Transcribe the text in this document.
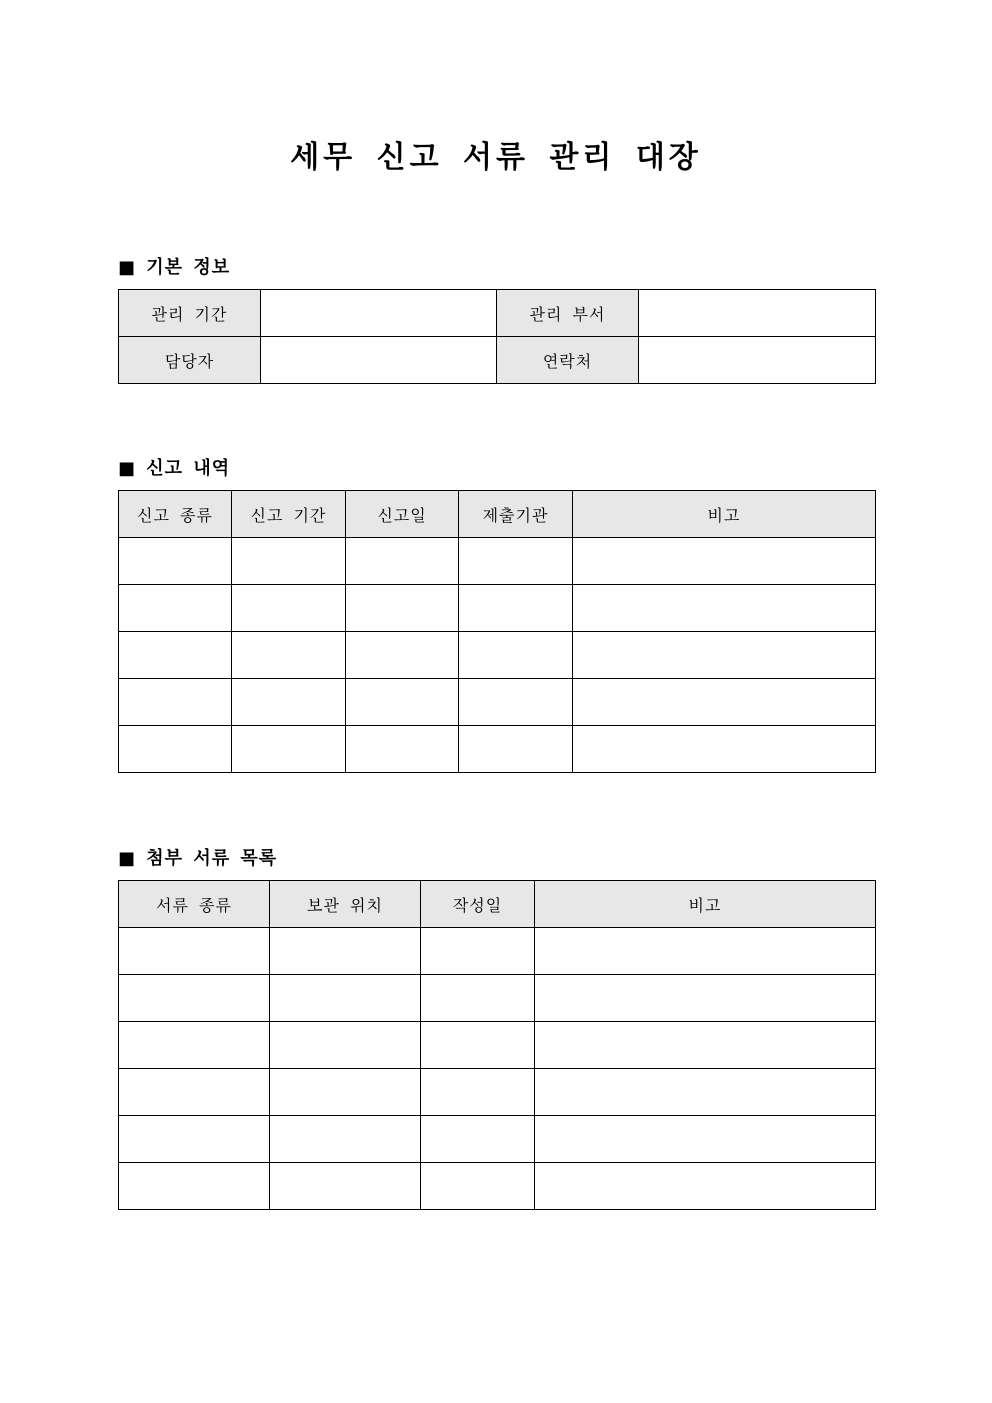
세무 신고 서류 관리 대장
■ 기본 정보
관리 기간		관리 부서	
담당자		연락처	
■ 신고 내역
신고 종류	신고 기간	신고일	제출기관	비고

■ 첨부 서류 목록
서류 종류	보관 위치	작성일	비고
